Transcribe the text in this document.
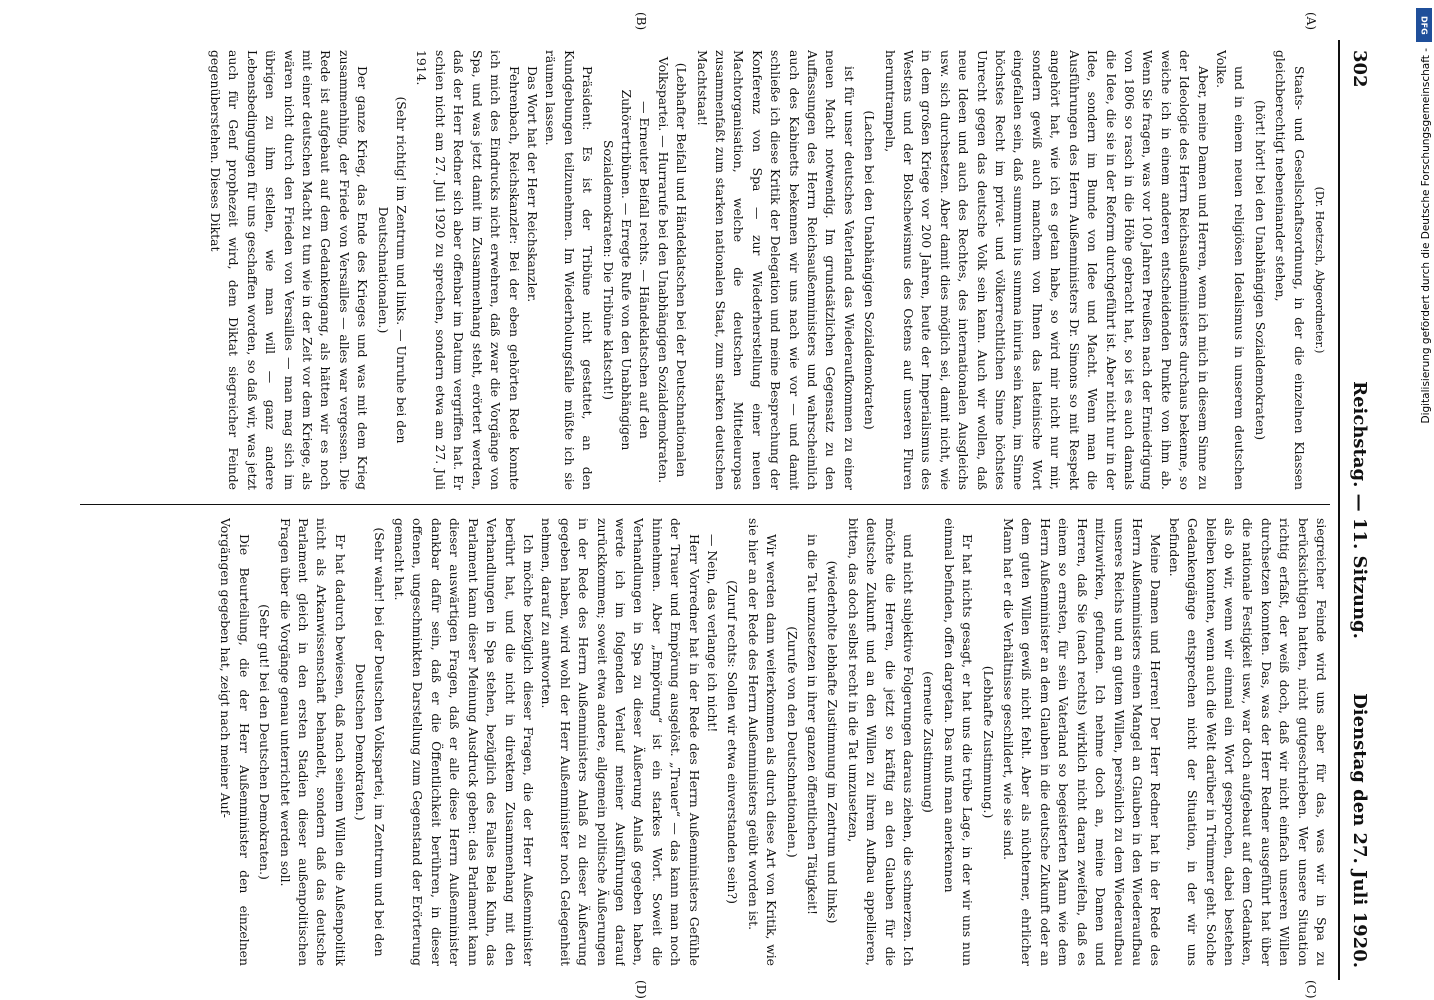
302
Reichstag. — 11. Sitzung.
Dienstag den 27. Juli 1920.
(A)
(B)
(C)
(D)

(Dr. Hoetzsch, Abgeordneter.)

Staats- und Gesellschaftsordnung, in der die einzelnen Klassen gleichberechtigt nebeneinander stehen,

(hört! hört! bei den Unabhängigen Sozialdemokraten)

und in einem neuen religiösen Idealismus in unserem deutschen Volke.

Aber, meine Damen und Herren, wenn ich mich in diesem Sinne zu der Ideologie des Herrn Reichsaußenministers durchaus bekenne, so weiche ich in einem anderen entscheidenden Punkte von ihm ab. Wenn Sie fragen, was vor 100 Jahren Preußen nach der Erniedrigung von 1806 so rasch in die Höhe gebracht hat, so ist es auch damals die Idee, die sie in der Reform durchgeführt ist. Aber nicht nur in der Idee, sondern im Bunde von Idee und Macht. Wenn man die Ausführungen des Herrn Außenministers Dr. Simons so mit Respekt angehört hat, wie ich es getan habe, so wird mir nicht nur mir, sondern gewiß auch manchem von Ihnen das lateinische Wort eingefallen sein, daß summum ius summa iniuria sein kann, im Sinne höchstes Recht im privat- und völkerrechtlichen Sinne höchstes Unrecht gegen das deutsche Volk sein kann. Auch wir wollen, daß neue Ideen und auch des Rechtes, des internationalen Ausgleichs usw. sich durchsetzen. Aber damit dies möglich sei, damit nicht, wie in dem großen Kriege vor 200 Jahren, heute der Imperialismus des Westens und der Bolschewismus des Ostens auf unseren Fluren herumtrampeln,

(Lachen bei den Unabhängigen Sozialdemokraten)

ist für unser deutsches Vaterland das Wiederaufkommen zu einer neuen Macht notwendig. Im grundsätzlichen Gegensatz zu den Auffassungen des Herrn Reichsaußenministers und wahrscheinlich auch des Kabinetts bekennen wir uns nach wie vor — und damit schließe ich diese Kritik der Delegation und meine Besprechung der Konferenz von Spa — zur Wiederherstellung einer neuen Machtorganisation, welche die deutschen Mitteleuropas zusammenfaßt zum starken nationalen Staat, zum starken deutschen Machtstaat!

(Lebhafter Beifall und Händeklatschen bei der Deutschnationalen Volkspartei. — Hurrarufe bei den Unabhängigen Sozialdemokraten. — Erneuter Beifall rechts. — Händeklatschen auf den Zuhörertribünen. — Erregte Rufe von den Unabhängigen Sozialdemokraten: Die Tribüne klatscht!)

Präsident: Es ist der Tribüne nicht gestattet, an den Kundgebungen teilzunehmen. Im Wiederholungsfalle müßte ich sie räumen lassen.

Das Wort hat der Herr Reichskanzler.

Fehrenbach, Reichskanzler: Bei der eben gehörten Rede konnte ich mich des Eindrucks nicht erwehren, daß zwar die Vorgänge von Spa, und was jetzt damit im Zusammenhang steht, erörtert werden, daß der Herr Redner sich aber offenbar im Datum vergriffen hat. Er schien nicht am 27. Juli 1920 zu sprechen, sondern etwa am 27. Juli 1914.

(Sehr richtig! im Zentrum und links. — Unruhe bei den Deutschnationalen.)

Der ganze Krieg, das Ende des Krieges und was mit dem Krieg zusammenhing, der Friede von Versailles — alles war vergessen. Die Rede ist aufgebaut auf dem Gedankengang, als hätten wir es noch mit einer deutschen Macht zu tun wie in der Zeit vor dem Kriege, als wären nicht durch den Frieden von Versailles — man mag sich im übrigen zu ihm stellen, wie man will — ganz andere Lebensbedingungen für uns geschaffen worden, so daß wir, was jetzt auch für Genf prophezeit wird, dem Diktat siegreicher Feinde gegenüberstehen. Dieses Diktat

siegreicher Feinde wird uns aber für das, was wir in Spa zu berücksichtigen hatten, nicht gutgeschrieben. Wer unsere Situation richtig erfaßt, der weiß doch, daß wir nicht einfach unseren Willen durchsetzen konnten. Das, was der Herr Redner ausgeführt hat über die nationale Festigkeit usw., war doch aufgebaut auf dem Gedanken, als ob wir, wenn wir einmal ein Wort gesprochen, dabei bestehen bleiben konnten, wenn auch die Welt darüber in Trümmer geht. Solche Gedankengänge entsprechen nicht der Situation, in der wir uns befinden.

Meine Damen und Herren! Der Herr Redner hat in der Rede des Herrn Außenministers einen Mangel an Glauben in den Wiederaufbau unseres Reichs und an gutem Willen, persönlich zu dem Wiederaufbau mitzuwirken, gefunden. Ich nehme doch an, meine Damen und Herren, daß Sie (nach rechts) wirklich nicht daran zweifeln, daß es einem so ernsten, für sein Vaterland so begeisterten Mann wie dem Herrn Außenminister an dem Glauben in die deutsche Zukunft oder an dem guten Willen gewiß nicht fehlt. Aber als nüchterner, ehrlicher Mann hat er die Verhältnisse geschildert, wie sie sind.

(Lebhafte Zustimmung.)

Er hat nichts gesagt, er hat uns die trübe Lage, in der wir uns nun einmal befinden, offen dargetan. Das muß man anerkennen

(erneute Zustimmung)

und nicht subjektive Folgerungen daraus ziehen, die schmerzen. Ich möchte die Herren, die jetzt so kräftig an den Glauben für die deutsche Zukunft und an den Willen zu ihrem Aufbau appellieren, bitten, das doch selbst recht in die Tat umzusetzen,

(wiederholte lebhafte Zustimmung im Zentrum und links)

in die Tat umzusetzen in ihrer ganzen öffentlichen Tätigkeit!

(Zurufe von den Deutschnationalen.)

Wir werden dann weiterkommen als durch diese Art von Kritik, wie sie hier an der Rede des Herrn Außenministers geübt worden ist.

(Zuruf rechts: Sollen wir etwa einverstanden sein?)

— Nein, das verlange ich nicht!

Herr Vorredner hat in der Rede des Herrn Außenministers Gefühle der Trauer und Empörung ausgelöst. „Trauer“ — das kann man noch hinnehmen. Aber „Empörung“ ist ein starkes Wort. Soweit die Verhandlungen in Spa zu dieser Äußerung Anlaß gegeben haben, werde ich im folgenden Verlauf meiner Ausführungen darauf zurückkommen; soweit etwa andere, allgemein politische Äußerungen in der Rede des Herrn Außenministers Anlaß zu dieser Äußerung gegeben haben, wird wohl der Herr Außenminister noch Gelegenheit nehmen, darauf zu antworten.

Ich möchte bezüglich dieser Fragen, die der Herr Außenminister berührt hat, und die nicht in direktem Zusammenhang mit den Verhandlungen in Spa stehen, bezüglich des Falles Bela Kuhn, das Parlament kann dieser Meinung Ausdruck geben: das Parlament kann dieser auswärtigen Fragen, daß er alle diese Herrn Außenminister dankbar dafür sein, daß er die Öffentlichkeit berühren, in dieser offenen, ungeschminkten Darstellung zum Gegenstand der Erörterung gemacht hat.

(Sehr wahr! bei der Deutschen Volkspartei, im Zentrum und bei den Deutschen Demokraten.)

Er hat dadurch bewiesen, daß nach seinem Willen die Außenpolitik nicht als Arkanwissenschaft behandelt, sondern daß das deutsche Parlament gleich in den ersten Stadien dieser außenpolitischen Fragen über die Vorgänge genau unterrichtet werden soll.

(Sehr gut! bei den Deutschen Demokraten.)

Die Beurteilung, die der Herr Außenminister den einzelnen Vorgängen gegeben hat, zeigt nach meiner Auf-

DFG
Digitalisierung gefördert durch die Deutsche Forschungsgemeinschaft -
